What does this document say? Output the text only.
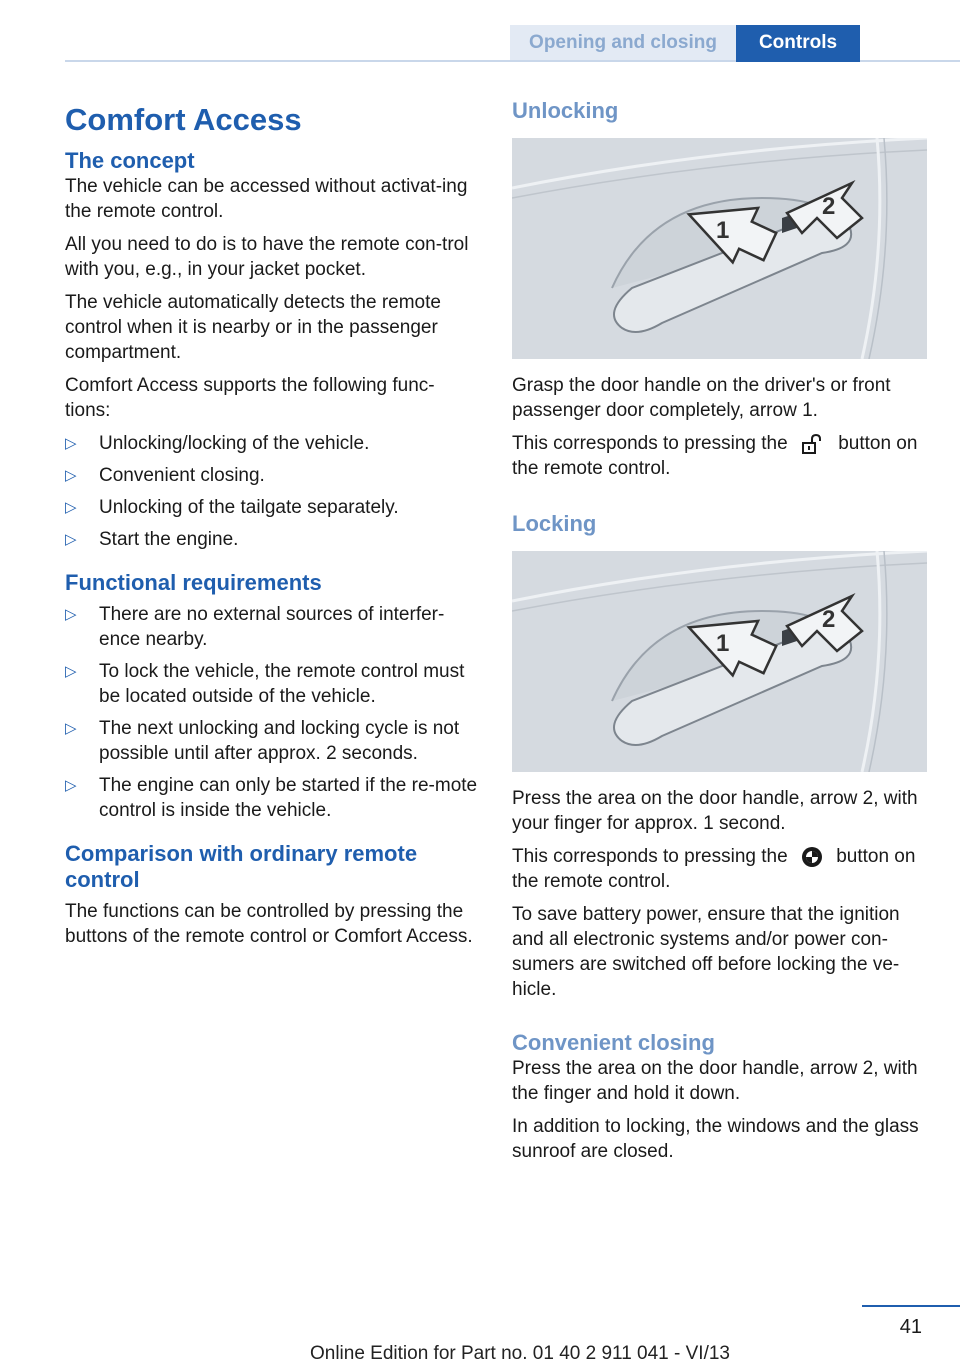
Opening and closing	Controls
Comfort Access
The concept

The vehicle can be accessed without activat-ing the remote control.

All you need to do is to have the remote con-trol with you, e.g., in your jacket pocket.

The vehicle automatically detects the remote control when it is nearby or in the passenger compartment.

Comfort Access supports the following func-tions:

▷ Unlocking/locking of the vehicle.
▷ Convenient closing.
▷ Unlocking of the tailgate separately.
▷ Start the engine.
Functional requirements
▷ There are no external sources of interfer-ence nearby.
▷ To lock the vehicle, the remote control must be located outside of the vehicle.
▷ The next unlocking and locking cycle is not possible until after approx. 2 seconds.
▷ The engine can only be started if the re-mote control is inside the vehicle.
Comparison with ordinary remote control

The functions can be controlled by pressing the buttons of the remote control or Comfort Access.

Unlocking
1
2

Grasp the door handle on the driver's or front passenger door completely, arrow 1.

This corresponds to pressing the	button on the remote control.

Locking
1
2

Press the area on the door handle, arrow 2, with your finger for approx. 1 second.

This corresponds to pressing the	button on the remote control.

To save battery power, ensure that the ignition and all electronic systems and/or power con-sumers are switched off before locking the ve-hicle.

Convenient closing

Press the area on the door handle, arrow 2, with the finger and hold it down.

In addition to locking, the windows and the glass sunroof are closed.

41
Online Edition for Part no. 01 40 2 911 041 - VI/13
